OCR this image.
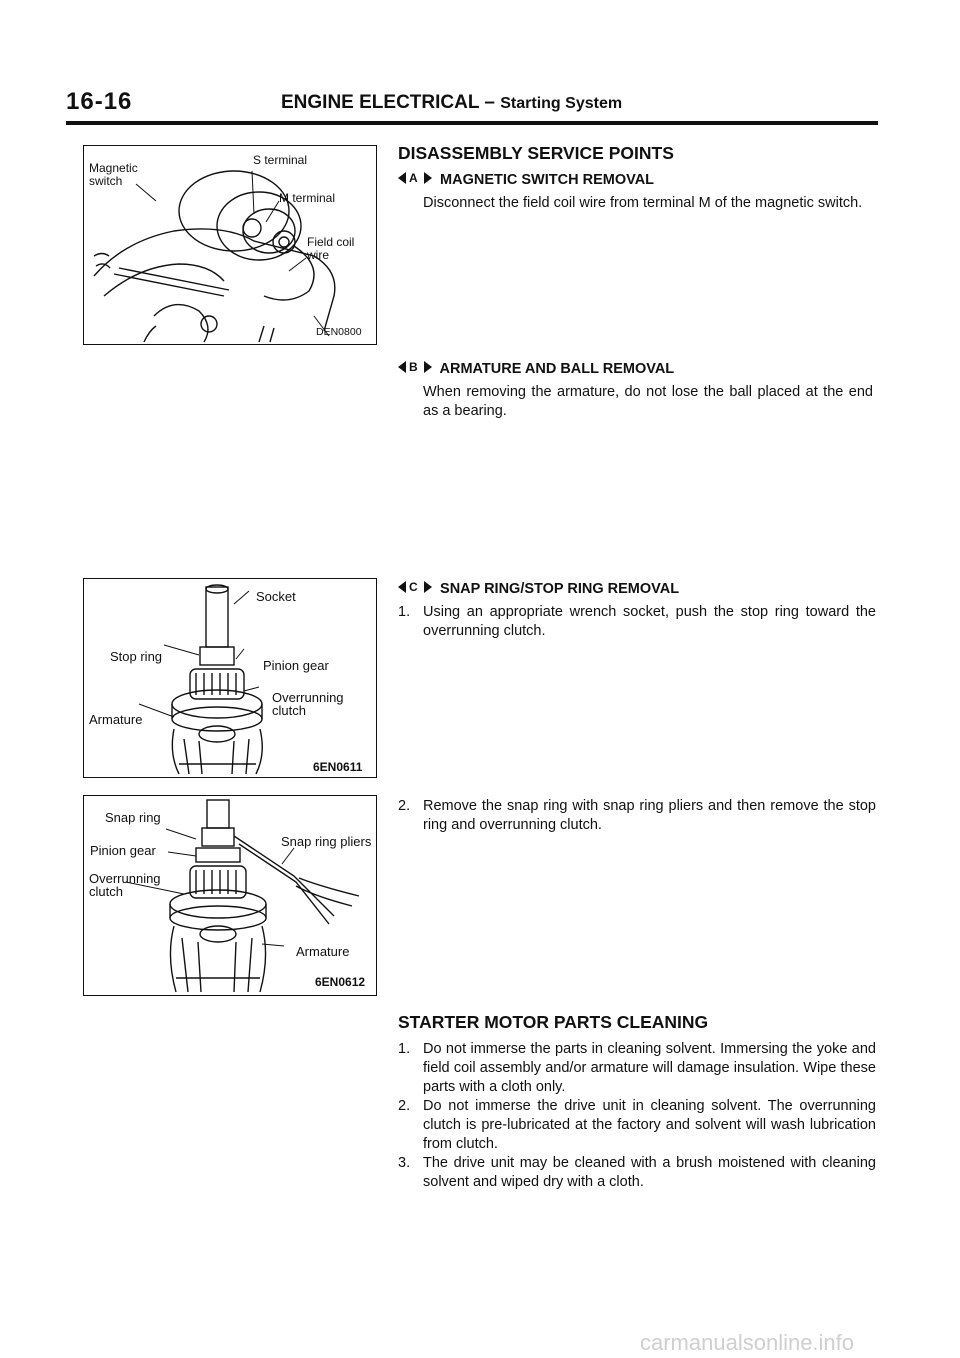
16-16	ENGINE ELECTRICAL – Starting System
Magnetic
switch
S terminal
M terminal
Field coil
wire
DEN0800
Socket
Stop ring
Pinion gear
Overrunning
clutch
Armature
6EN0611
Snap ring
Snap ring pliers
Pinion gear
Overrunning
clutch
Armature
6EN0612
DISASSEMBLY SERVICE POINTS
MAGNETIC SWITCH REMOVAL
A
Disconnect the field coil wire from terminal M of the magnetic switch.
ARMATURE AND BALL REMOVAL
B
When removing the armature, do not lose the ball placed at the end as a bearing.
SNAP RING/STOP RING REMOVAL
C
1. Using an appropriate wrench socket, push the stop ring toward the overrunning clutch.
2. Remove the snap ring with snap ring pliers and then remove the stop ring and overrunning clutch.
STARTER MOTOR PARTS CLEANING
1. Do not immerse the parts in cleaning solvent. Immersing the yoke and field coil assembly and/or armature will damage insulation. Wipe these parts with a cloth only.
2. Do not immerse the drive unit in cleaning solvent. The overrunning clutch is pre-lubricated at the factory and solvent will wash lubrication from clutch.
3. The drive unit may be cleaned with a brush moistened with cleaning solvent and wiped dry with a cloth.
carmanualsonline.info
